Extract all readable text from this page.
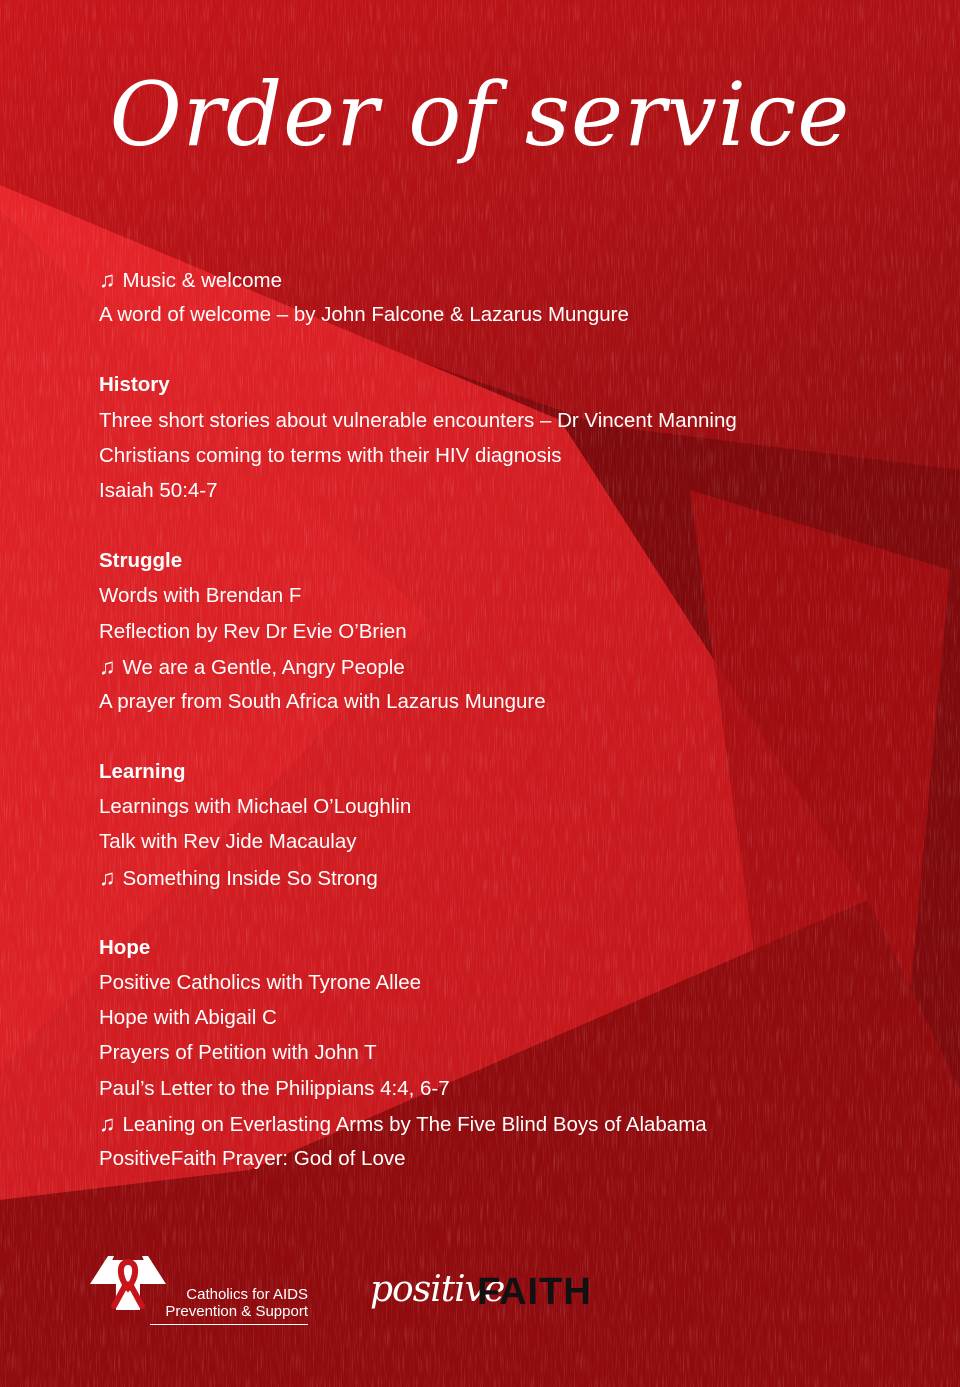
Order of service
♫ Music & welcome
A word of welcome – by John Falcone & Lazarus Mungure
History
Three short stories about vulnerable encounters – Dr Vincent Manning
Christians coming to terms with their HIV diagnosis
Isaiah 50:4-7
Struggle
Words with Brendan F
Reflection by Rev Dr Evie O’Brien
♫ We are a Gentle, Angry People
A prayer from South Africa with Lazarus Mungure
Learning
Learnings with Michael O’Loughlin
Talk with Rev Jide Macaulay
♫ Something Inside So Strong
Hope
Positive Catholics with Tyrone Allee
Hope with Abigail C
Prayers of Petition with John T
Paul’s Letter to the Philippians 4:4, 6-7
♫ Leaning on Everlasting Arms by The Five Blind Boys of Alabama
PositiveFaith Prayer: God of Love
Catholics for AIDS
Prevention & Support
positive
FAITH
